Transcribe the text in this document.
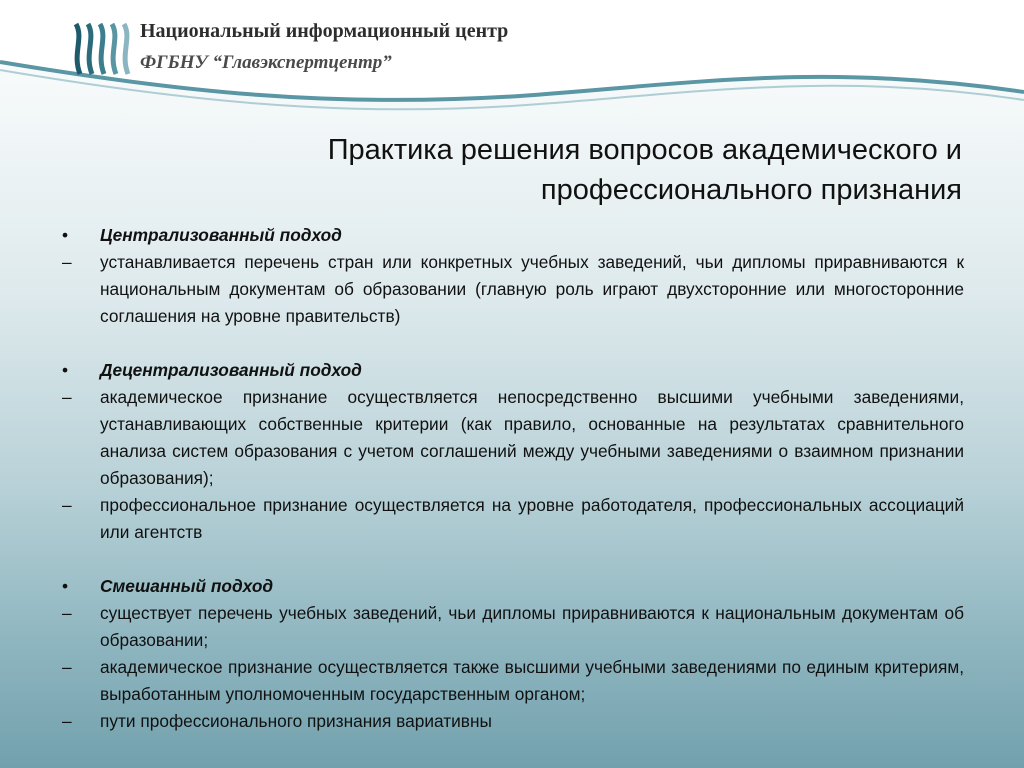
Национальный информационный центр
ФГБНУ “Главэкспертцентр”
Практика решения вопросов академического и
профессионального признания
•	Централизованный подход
– устанавливается перечень стран или конкретных учебных заведений, чьи дипломы приравниваются к национальным документам об образовании (главную роль играют двухсторонние или многосторонние соглашения на уровне правительств)
•	Децентрализованный подход
– академическое признание осуществляется непосредственно высшими учебными заведениями, устанавливающих собственные критерии (как правило, основанные на результатах сравнительного анализа систем образования с учетом соглашений между учебными заведениями о взаимном признании образования);
– профессиональное признание осуществляется на уровне работодателя, профессиональных ассоциаций или агентств
•	Смешанный подход
– существует перечень учебных заведений, чьи дипломы приравниваются к национальным документам об образовании;
– академическое признание осуществляется также высшими учебными заведениями по единым критериям, выработанным уполномоченным государственным органом;
– пути профессионального признания вариативны
